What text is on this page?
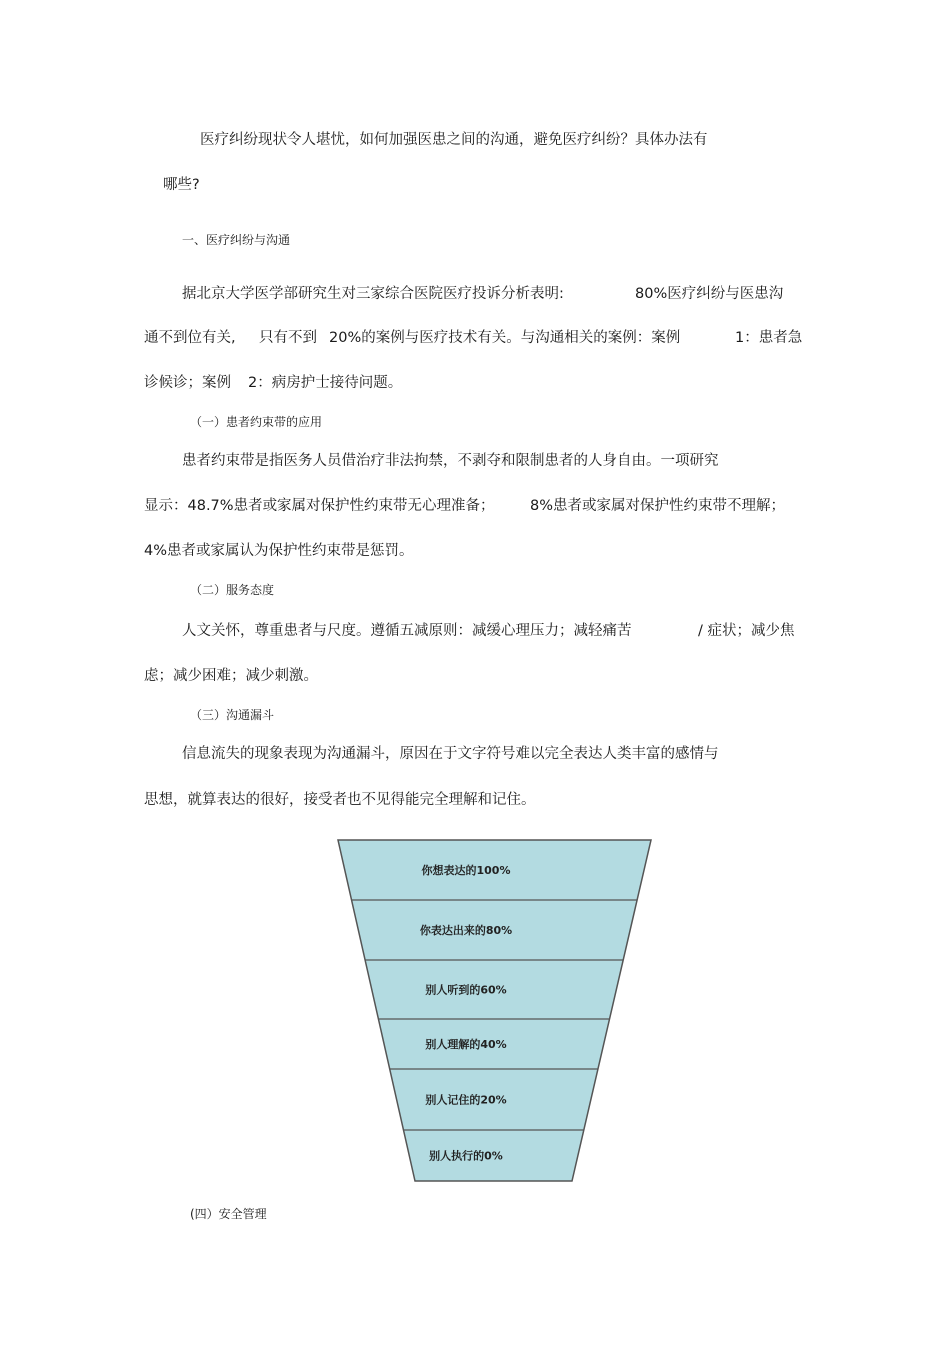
医疗纠纷现状令人堪忧，如何加强医患之间的沟通，避免医疗纠纷？具体办法有
哪些?
一、医疗纠纷与沟通
据北京大学医学部研究生对三家综合医院医疗投诉分析表明:	80%医疗纠纷与医患沟
通不到位有关, 只有不到 20%的案例与医疗技术有关。与沟通相关的案例：案例	1：患者急
诊候诊；案例 2：病房护士接待问题。
（一）患者约束带的应用
患者约束带是指医务人员借治疗非法拘禁，不剥夺和限制患者的人身自由。一项研究
显示：48.7%患者或家属对保护性约束带无心理准备； 8%患者或家属对保护性约束带不理解；
4%患者或家属认为保护性约束带是惩罚。
（二）服务态度
人文关怀，尊重患者与尺度。遵循五减原则：减缓心理压力；减轻痛苦	/ 症状；减少焦
虑；减少困难；减少刺激。
（三）沟通漏斗
信息流失的现象表现为沟通漏斗，原因在于文字符号难以完全表达人类丰富的感情与
思想，就算表达的很好，接受者也不见得能完全理解和记住。
你想表达的100%
你表达出来的80%
别人听到的60%
别人理解的40%
别人记住的20%
别人执行的0%
(四）安全管理
